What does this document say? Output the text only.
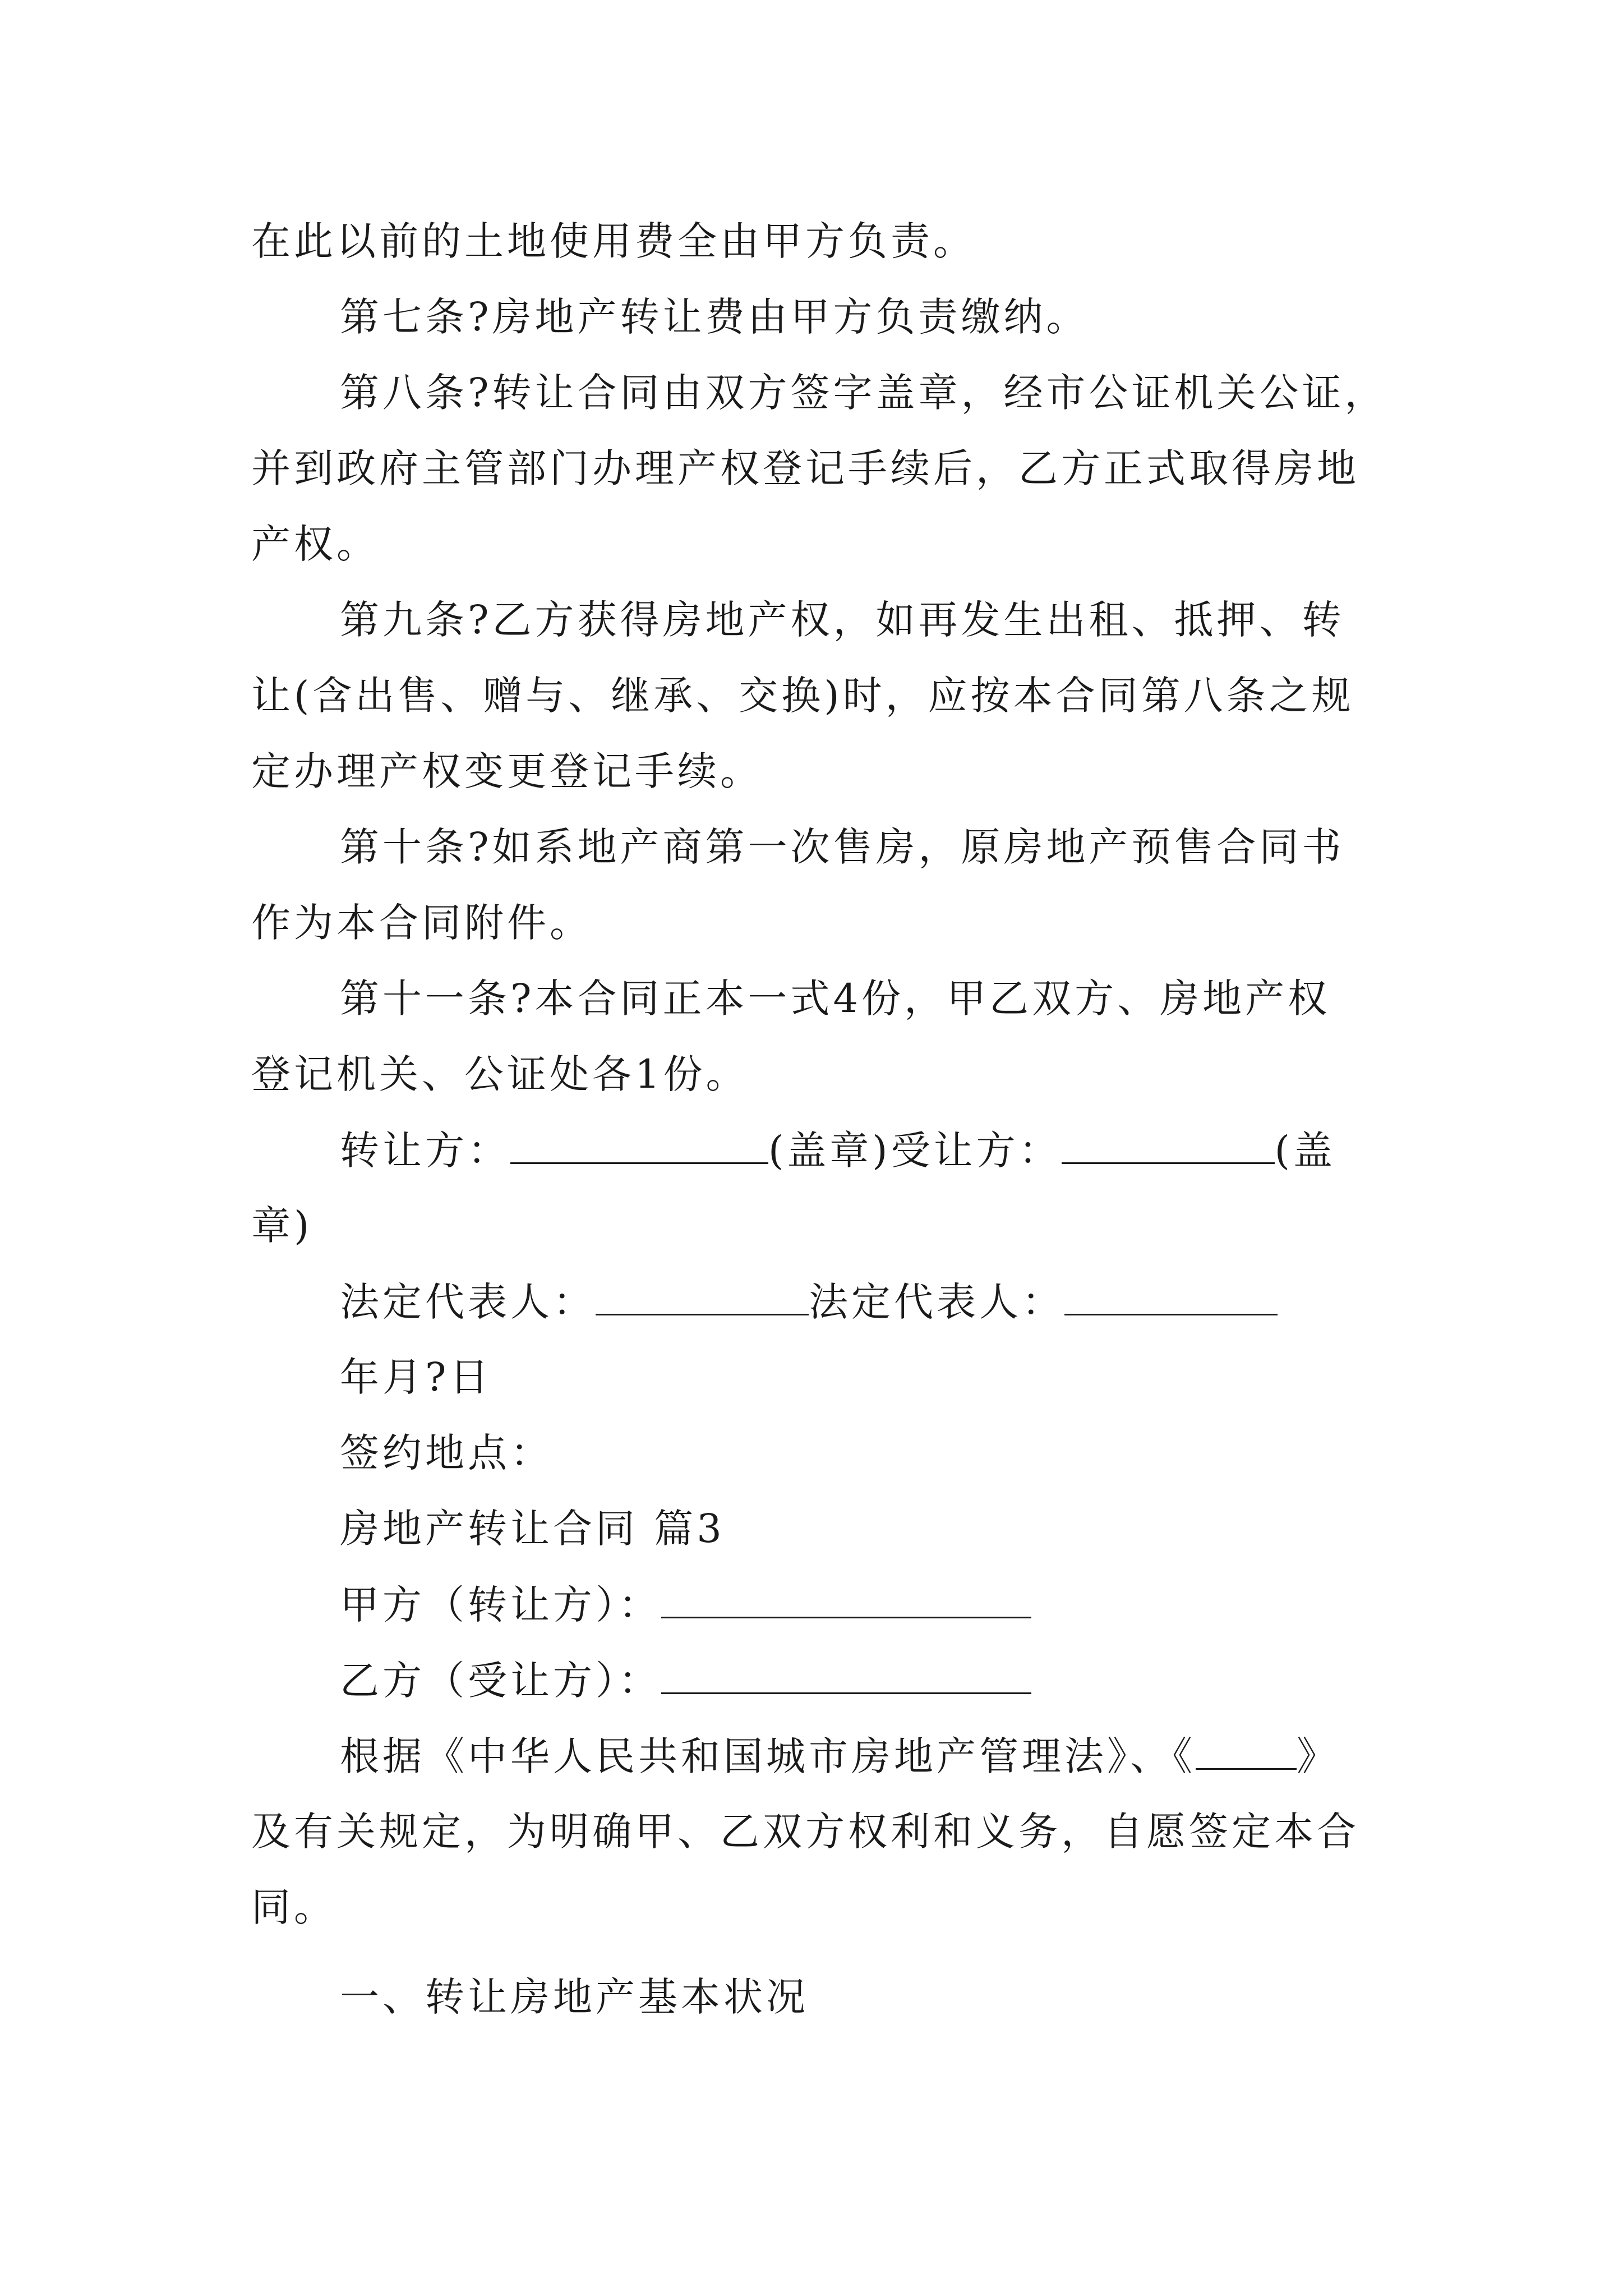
在此以前的土地使用费全由甲方负责。
第七条?房地产转让费由甲方负责缴纳。
第八条?转让合同由双方签字盖章，经市公证机关公证，
并到政府主管部门办理产权登记手续后，乙方正式取得房地
产权。
第九条?乙方获得房地产权，如再发生出租、抵押、转
让(含出售、赠与、继承、交换)时，应按本合同第八条之规
定办理产权变更登记手续。
第十条?如系地产商第一次售房，原房地产预售合同书
作为本合同附件。
第十一条?本合同正本一式4份，甲乙双方、房地产权
登记机关、公证处各1份。
转让方：	(盖章)受让方：	(盖
章)
法定代表人：	法定代表人：
年月?日
签约地点：
房地产转让合同 篇3
甲方（转让方）：
乙方（受让方）：
根据《中华人民共和国城市房地产管理法》、《	》
及有关规定，为明确甲、乙双方权利和义务，自愿签定本合
同。
一、转让房地产基本状况
